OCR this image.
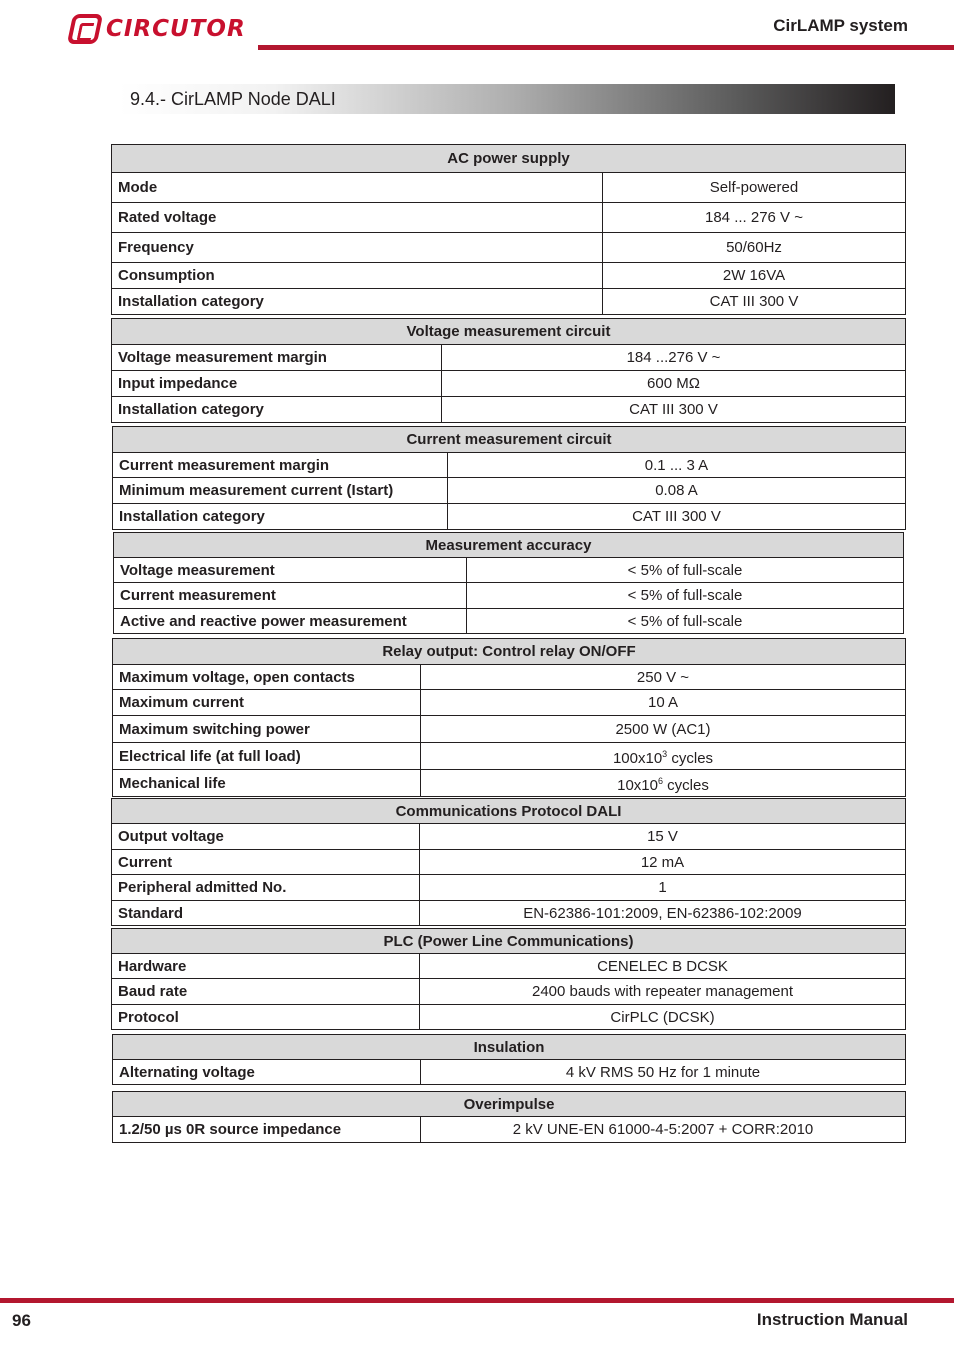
CIRCUTOR	CirLAMP system
9.4.- CirLAMP Node DALI
AC power supply	
Mode	Self-powered
Rated voltage	184 ... 276 V ~
Frequency	50/60Hz
Consumption	2W 16VA
Installation category	CAT III 300 V
Voltage measurement circuit	
Voltage measurement margin	184 ...276 V ~
Input impedance	600 MΩ
Installation category	CAT III 300 V
Current measurement circuit	
Current measurement margin	0.1 ... 3 A
Minimum measurement current (Istart)	0.08 A
Installation category	CAT III 300 V
Measurement accuracy	
Voltage measurement	< 5% of full-scale
Current measurement	< 5% of full-scale
Active and reactive power measurement	< 5% of full-scale
Relay output: Control relay ON/OFF	
Maximum voltage, open contacts	250 V ~
Maximum current	10 A
Maximum switching power	2500 W (AC1)
Electrical life (at full load)	$100x10^3$ cycles
Mechanical life	$10x10^6$ cycles
Communications Protocol DALI	
Output voltage	15 V
Current	12 mA
Peripheral admitted No.	1
Standard	EN-62386-101:2009, EN-62386-102:2009
PLC (Power Line Communications)	
Hardware	CENELEC B DCSK
Baud rate	2400 bauds with repeater management
Protocol	CirPLC (DCSK)
Insulation
Alternating voltage	4 kV RMS 50 Hz for 1 minute
Overimpulse
1.2/50 µs 0R source impedance	2 kV UNE-EN 61000-4-5:2007 + CORR:2010
96	Instruction Manual
